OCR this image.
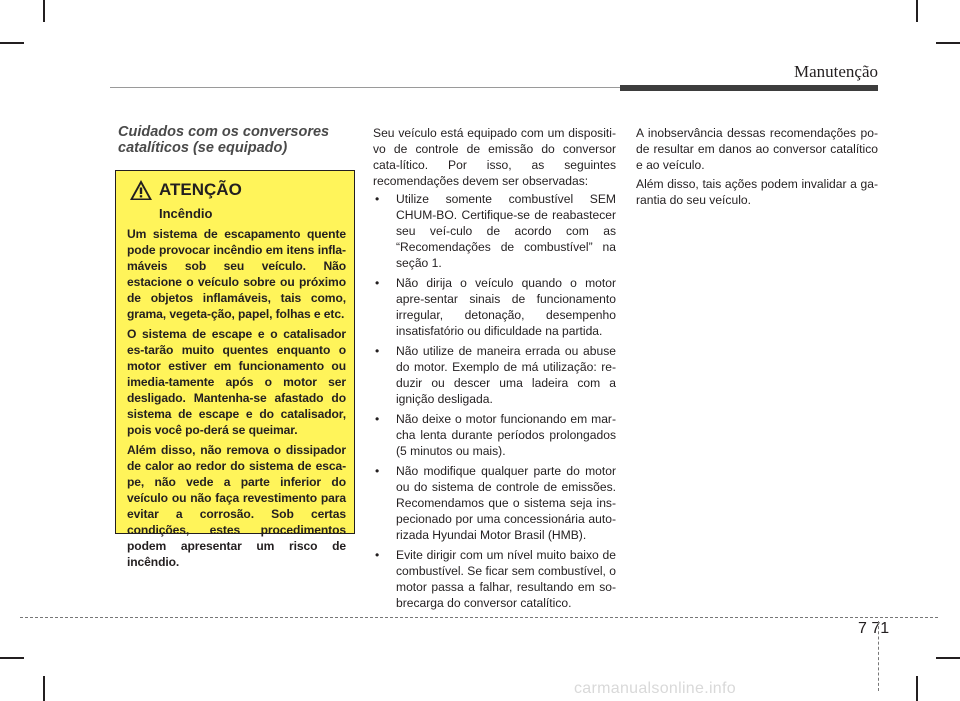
Manutenção
Cuidados com os conversores
catalíticos (se equipado)
ATENÇÃO
Incêndio

Um sistema de escapamento quente pode provocar incêndio em itens infla-máveis sob seu veículo. Não estacione o veículo sobre ou próximo de objetos inflamáveis, tais como, grama, vegeta-ção, papel, folhas e etc.

O sistema de escape e o catalisador es-tarão muito quentes enquanto o motor estiver em funcionamento ou imedia-tamente após o motor ser desligado. Mantenha-se afastado do sistema de escape e do catalisador, pois você po-derá se queimar.

Além disso, não remova o dissipador de calor ao redor do sistema de esca-pe, não vede a parte inferior do veículo ou não faça revestimento para evitar a corrosão. Sob certas condições, estes procedimentos podem apresentar um risco de incêndio.

Seu veículo está equipado com um dispositi-vo de controle de emissão do conversor cata-lítico. Por isso, as seguintes recomendações devem ser observadas:

• Utilize somente combustível SEM CHUM-BO. Certifique-se de reabastecer seu veí-culo de acordo com as “Recomendações de combustível” na seção 1.
• Não dirija o veículo quando o motor apre-sentar sinais de funcionamento irregular, detonação, desempenho insatisfatório ou dificuldade na partida.
• Não utilize de maneira errada ou abuse do motor. Exemplo de má utilização: re-duzir ou descer uma ladeira com a ignição desligada.
• Não deixe o motor funcionando em mar-cha lenta durante períodos prolongados (5 minutos ou mais).
• Não modifique qualquer parte do motor ou do sistema de controle de emissões. Recomendamos que o sistema seja ins-pecionado por uma concessionária auto-rizada Hyundai Motor Brasil (HMB).
• Evite dirigir com um nível muito baixo de combustível. Se ficar sem combustível, o motor passa a falhar, resultando em so-brecarga do conversor catalítico.

A inobservância dessas recomendações po-de resultar em danos ao conversor catalítico e ao veículo.

Além disso, tais ações podem invalidar a ga-rantia do seu veículo.

7 71
carmanualsonline.info
